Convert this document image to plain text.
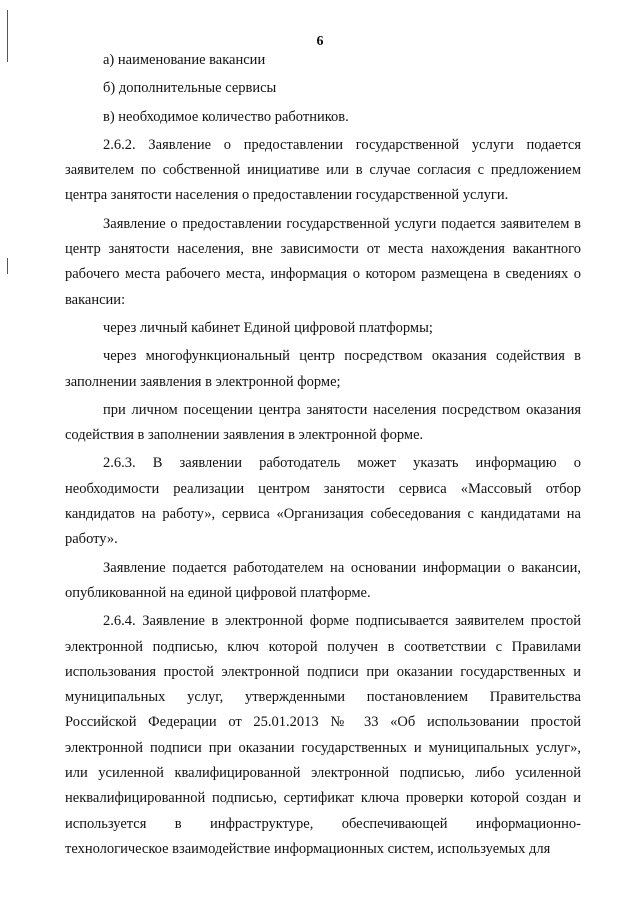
6

а) наименование вакансии

б) дополнительные сервисы

в) необходимое количество работников.

2.6.2. Заявление о предоставлении государственной услуги подается заявителем по собственной инициативе или в случае согласия с предложением центра занятости населения о предоставлении государственной услуги.

Заявление о предоставлении государственной услуги подается заявителем в центр занятости населения, вне зависимости от места нахождения вакантного рабочего места рабочего места, информация о котором размещена в сведениях о вакансии:

через личный кабинет Единой цифровой платформы;

через многофункциональный центр посредством оказания содействия в заполнении заявления в электронной форме;

при личном посещении центра занятости населения посредством оказания содействия в заполнении заявления в электронной форме.

2.6.3. В заявлении работодатель может указать информацию о необходимости реализации центром занятости сервиса «Массовый отбор кандидатов на работу», сервиса «Организация собеседования с кандидатами на работу».

Заявление подается работодателем на основании информации о вакансии, опубликованной на единой цифровой платформе.

2.6.4. Заявление в электронной форме подписывается заявителем простой электронной подписью, ключ которой получен в соответствии с Правилами использования простой электронной подписи при оказании государственных и муниципальных услуг, утвержденными постановлением Правительства Российской Федерации от 25.01.2013 № 33 «Об использовании простой электронной подписи при оказании государственных и муниципальных услуг», или усиленной квалифицированной электронной подписью, либо усиленной неквалифицированной подписью, сертификат ключа проверки которой создан и используется в инфраструктуре, обеспечивающей информационно-технологическое взаимодействие информационных систем, используемых для
